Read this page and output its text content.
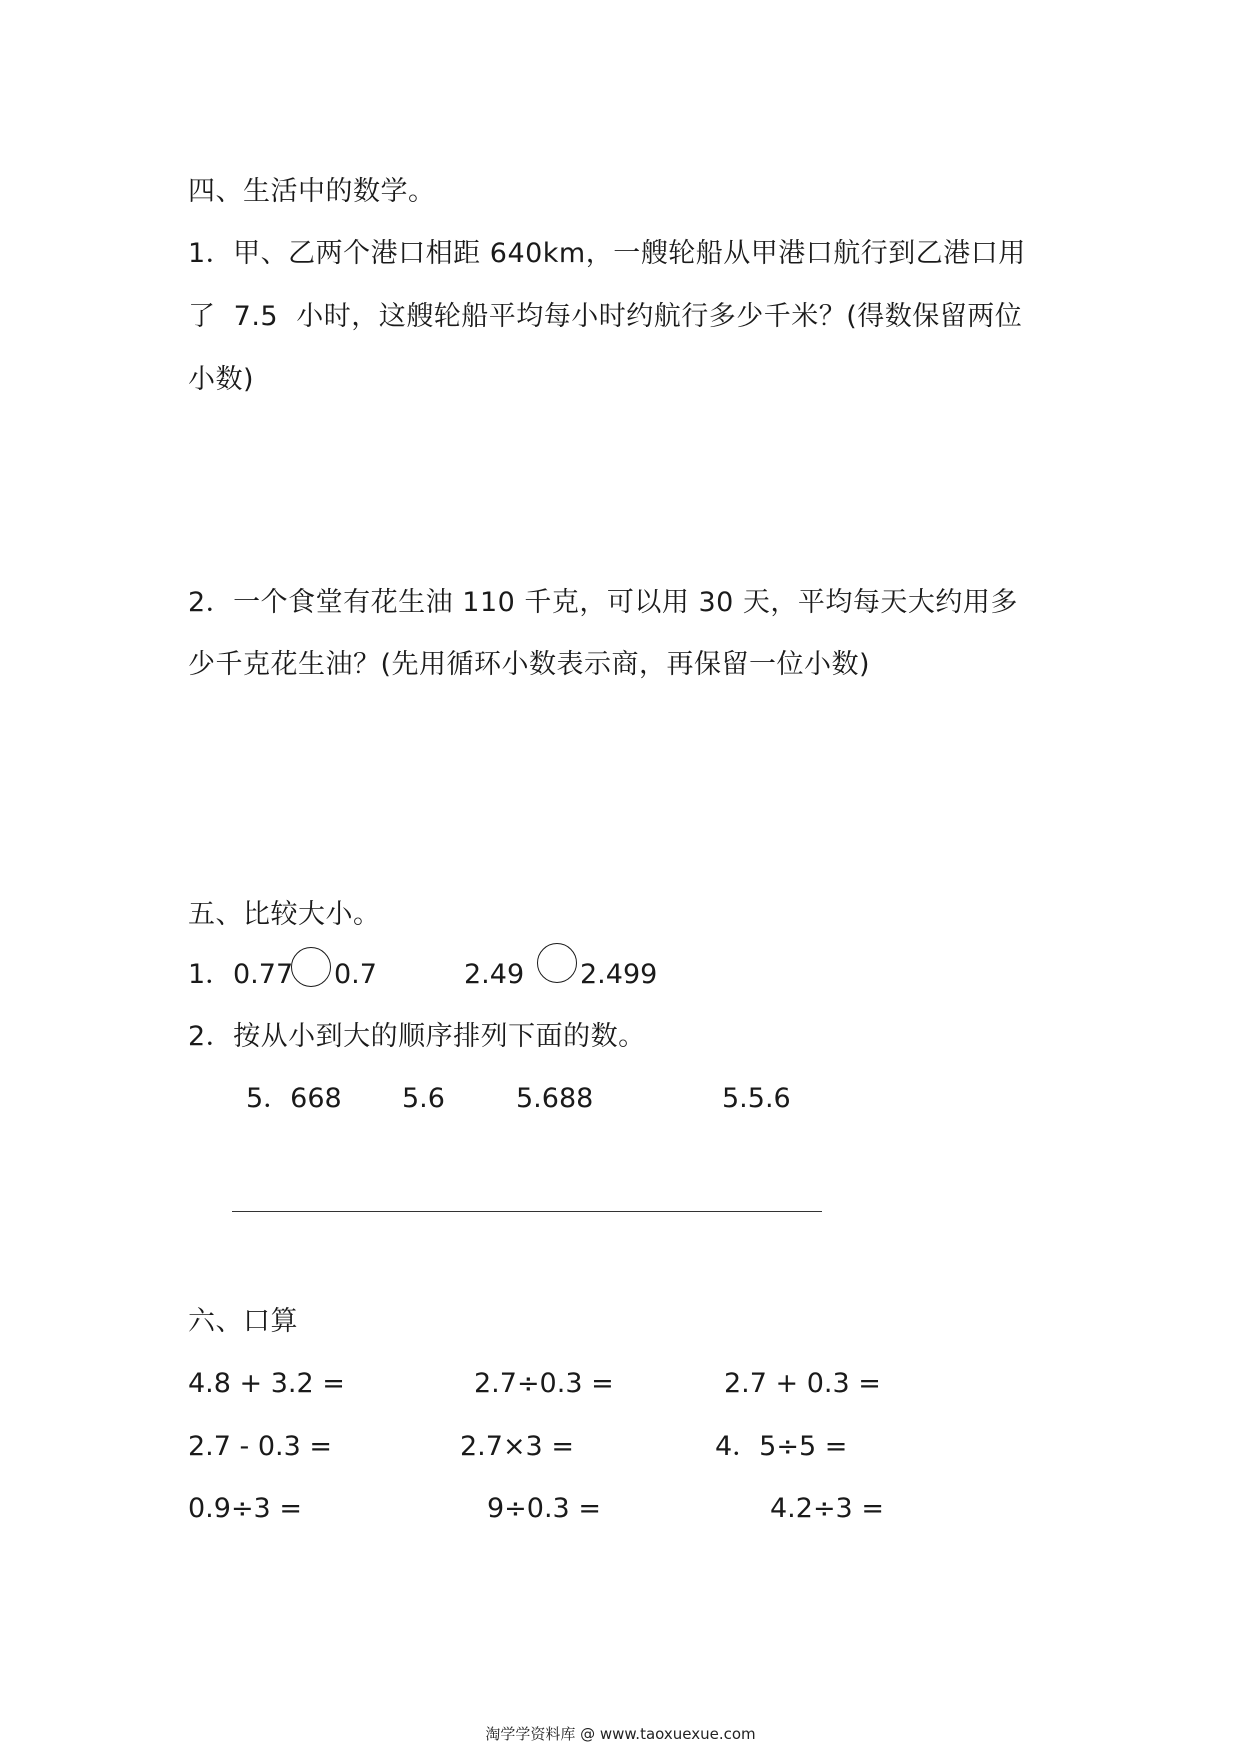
四、生活中的数学。
1．甲、乙两个港口相距 640km，一艘轮船从甲港口航行到乙港口用
了  7.5  小时，这艘轮船平均每小时约航行多少千米？(得数保留两位
小数)
2．一个食堂有花生油 110 千克，可以用 30 天，平均每天大约用多
少千克花生油？(先用循环小数表示商，再保留一位小数)
五、比较大小。
1． 0.77 0.7	2.49 2.499
2．按从小到大的顺序排列下面的数。
5．668 5.6	5.688	5.5.6
六、口算
4.8 + 3.2 =	2.7÷0.3 =	2.7 + 0.3 =
2.7 - 0.3 =	2.7×3 =	4．5÷5 =
0.9÷3 =	9÷0.3 =	4.2÷3 =
淘学学资料库 @ www.taoxuexue.com
